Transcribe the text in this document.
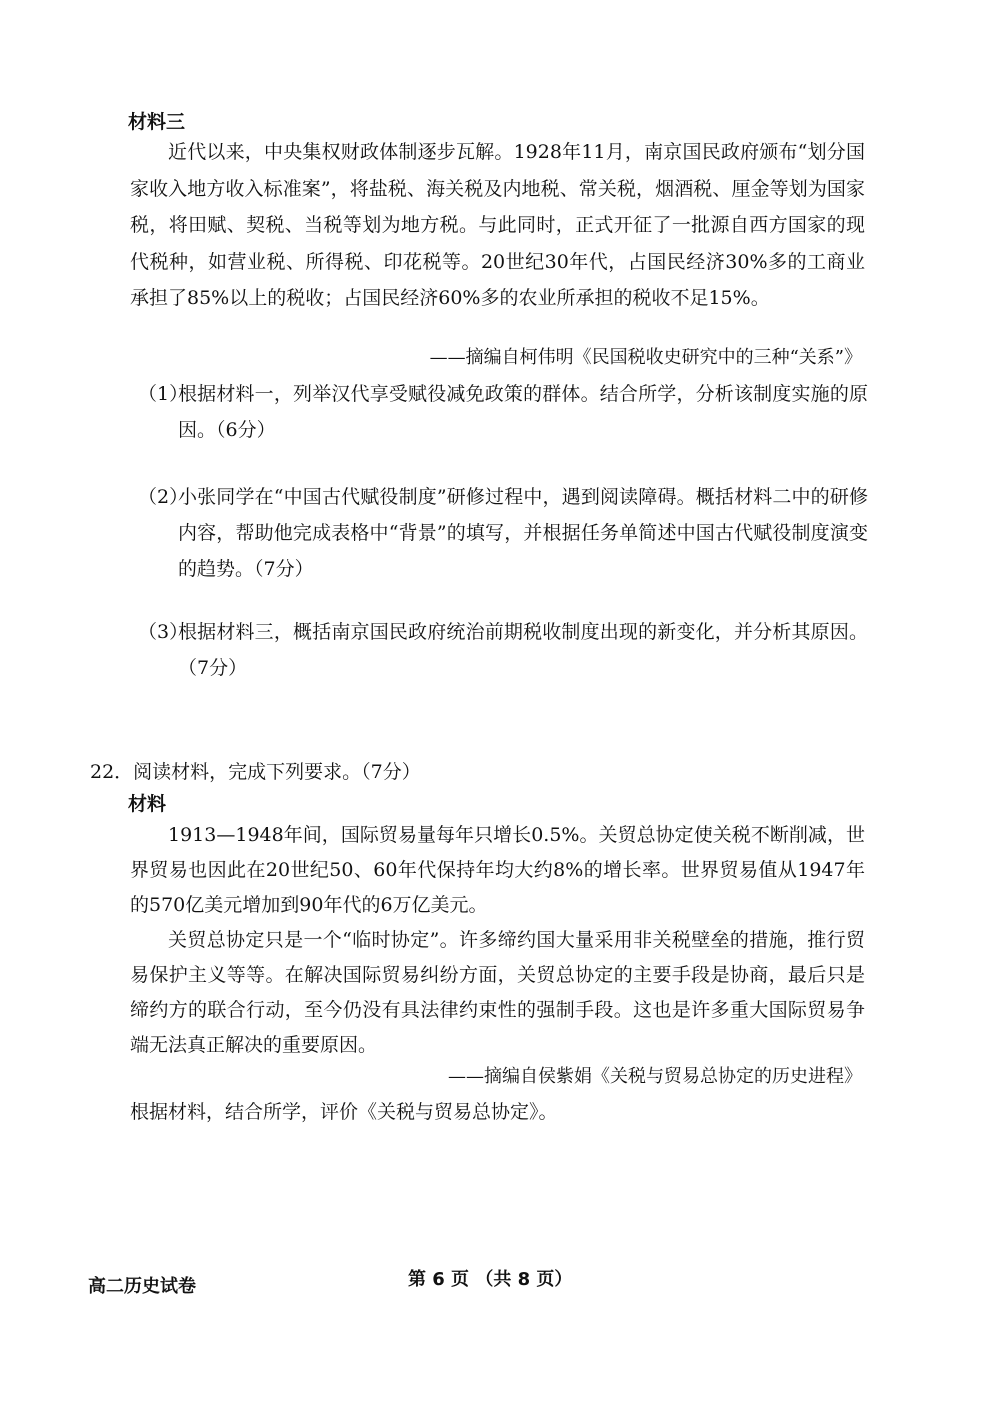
材料三

近代以来，中央集权财政体制逐步瓦解。1928年11月，南京国民政府颁布“划分国家收入地方收入标准案”，将盐税、海关税及内地税、常关税，烟酒税、厘金等划为国家税，将田赋、契税、当税等划为地方税。与此同时，正式开征了一批源自西方国家的现代税种，如营业税、所得税、印花税等。20世纪30年代，占国民经济30%多的工商业承担了85%以上的税收；占国民经济60%多的农业所承担的税收不足15%。

——摘编自柯伟明《民国税收史研究中的三种“关系”》
（1）
根据材料一，列举汉代享受赋役减免政策的群体。结合所学，分析该制度实施的原因。（6分）
（2）
小张同学在“中国古代赋役制度”研修过程中，遇到阅读障碍。概括材料二中的研修内容，帮助他完成表格中“背景”的填写，并根据任务单简述中国古代赋役制度演变的趋势。（7分）
（3）
根据材料三，概括南京国民政府统治前期税收制度出现的新变化，并分析其原因。（7分）
22．阅读材料，完成下列要求。（7分）
材料

1913—1948年间，国际贸易量每年只增长0.5%。关贸总协定使关税不断削减，世界贸易也因此在20世纪50、60年代保持年均大约8%的增长率。世界贸易值从1947年的570亿美元增加到90年代的6万亿美元。

关贸总协定只是一个“临时协定”。许多缔约国大量采用非关税壁垒的措施，推行贸易保护主义等等。在解决国际贸易纠纷方面，关贸总协定的主要手段是协商，最后只是缔约方的联合行动，至今仍没有具法律约束性的强制手段。这也是许多重大国际贸易争端无法真正解决的重要原因。

——摘编自侯紫娟《关税与贸易总协定的历史进程》
根据材料，结合所学，评价《关税与贸易总协定》。
高二历史试卷	第 6 页 （共 8 页）
